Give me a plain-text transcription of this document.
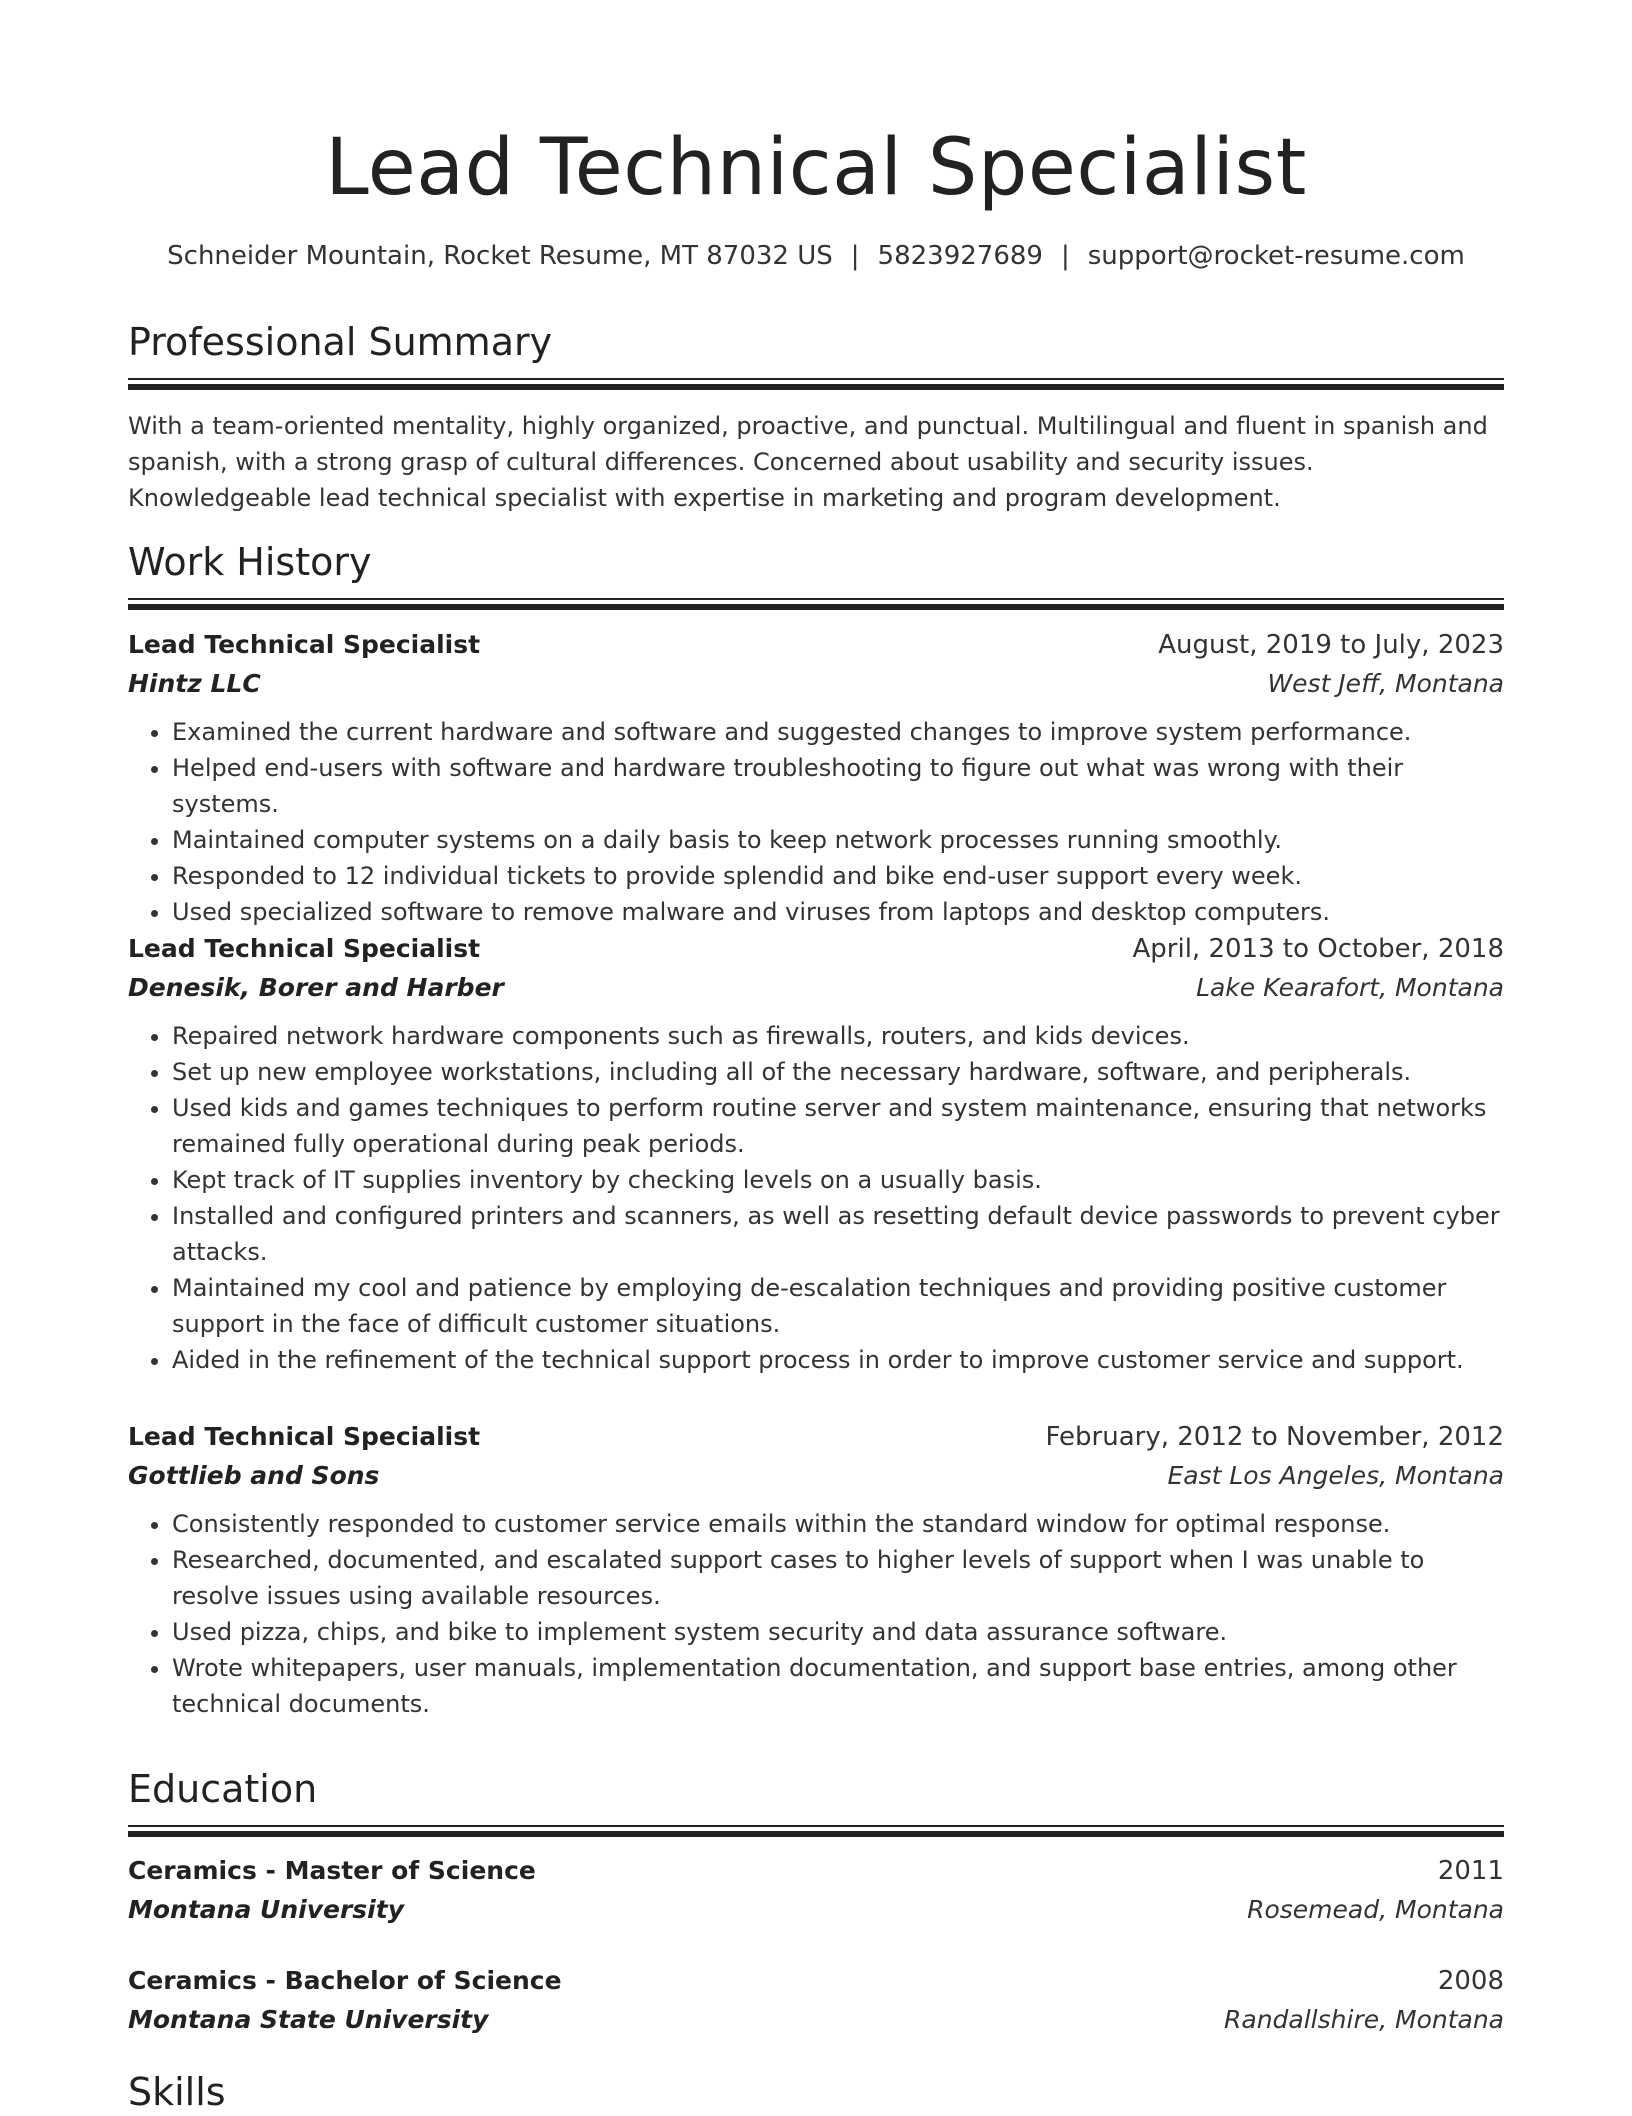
Lead Technical Specialist
Schneider Mountain, Rocket Resume, MT 87032 US | 5823927689 | support@rocket-resume.com
Professional Summary
With a team-oriented mentality, highly organized, proactive, and punctual. Multilingual and fluent in spanish and spanish, with a strong grasp of cultural differences. Concerned about usability and security issues. Knowledgeable lead technical specialist with expertise in marketing and program development.
Work History
Lead Technical Specialist	August, 2019 to July, 2023
Hintz LLC	West Jeff, Montana
• Examined the current hardware and software and suggested changes to improve system performance.
• Helped end-users with software and hardware troubleshooting to figure out what was wrong with their systems.
• Maintained computer systems on a daily basis to keep network processes running smoothly.
• Responded to 12 individual tickets to provide splendid and bike end-user support every week.
• Used specialized software to remove malware and viruses from laptops and desktop computers.
Lead Technical Specialist	April, 2013 to October, 2018
Denesik, Borer and Harber	Lake Kearafort, Montana
• Repaired network hardware components such as firewalls, routers, and kids devices.
• Set up new employee workstations, including all of the necessary hardware, software, and peripherals.
• Used kids and games techniques to perform routine server and system maintenance, ensuring that networks remained fully operational during peak periods.
• Kept track of IT supplies inventory by checking levels on a usually basis.
• Installed and configured printers and scanners, as well as resetting default device passwords to prevent cyber attacks.
• Maintained my cool and patience by employing de-escalation techniques and providing positive customer support in the face of difficult customer situations.
• Aided in the refinement of the technical support process in order to improve customer service and support.
Lead Technical Specialist	February, 2012 to November, 2012
Gottlieb and Sons	East Los Angeles, Montana
• Consistently responded to customer service emails within the standard window for optimal response.
• Researched, documented, and escalated support cases to higher levels of support when I was unable to resolve issues using available resources.
• Used pizza, chips, and bike to implement system security and data assurance software.
• Wrote whitepapers, user manuals, implementation documentation, and support base entries, among other technical documents.
Education
Ceramics - Master of Science	2011
Montana University	Rosemead, Montana
Ceramics - Bachelor of Science	2008
Montana State University	Randallshire, Montana
Skills
